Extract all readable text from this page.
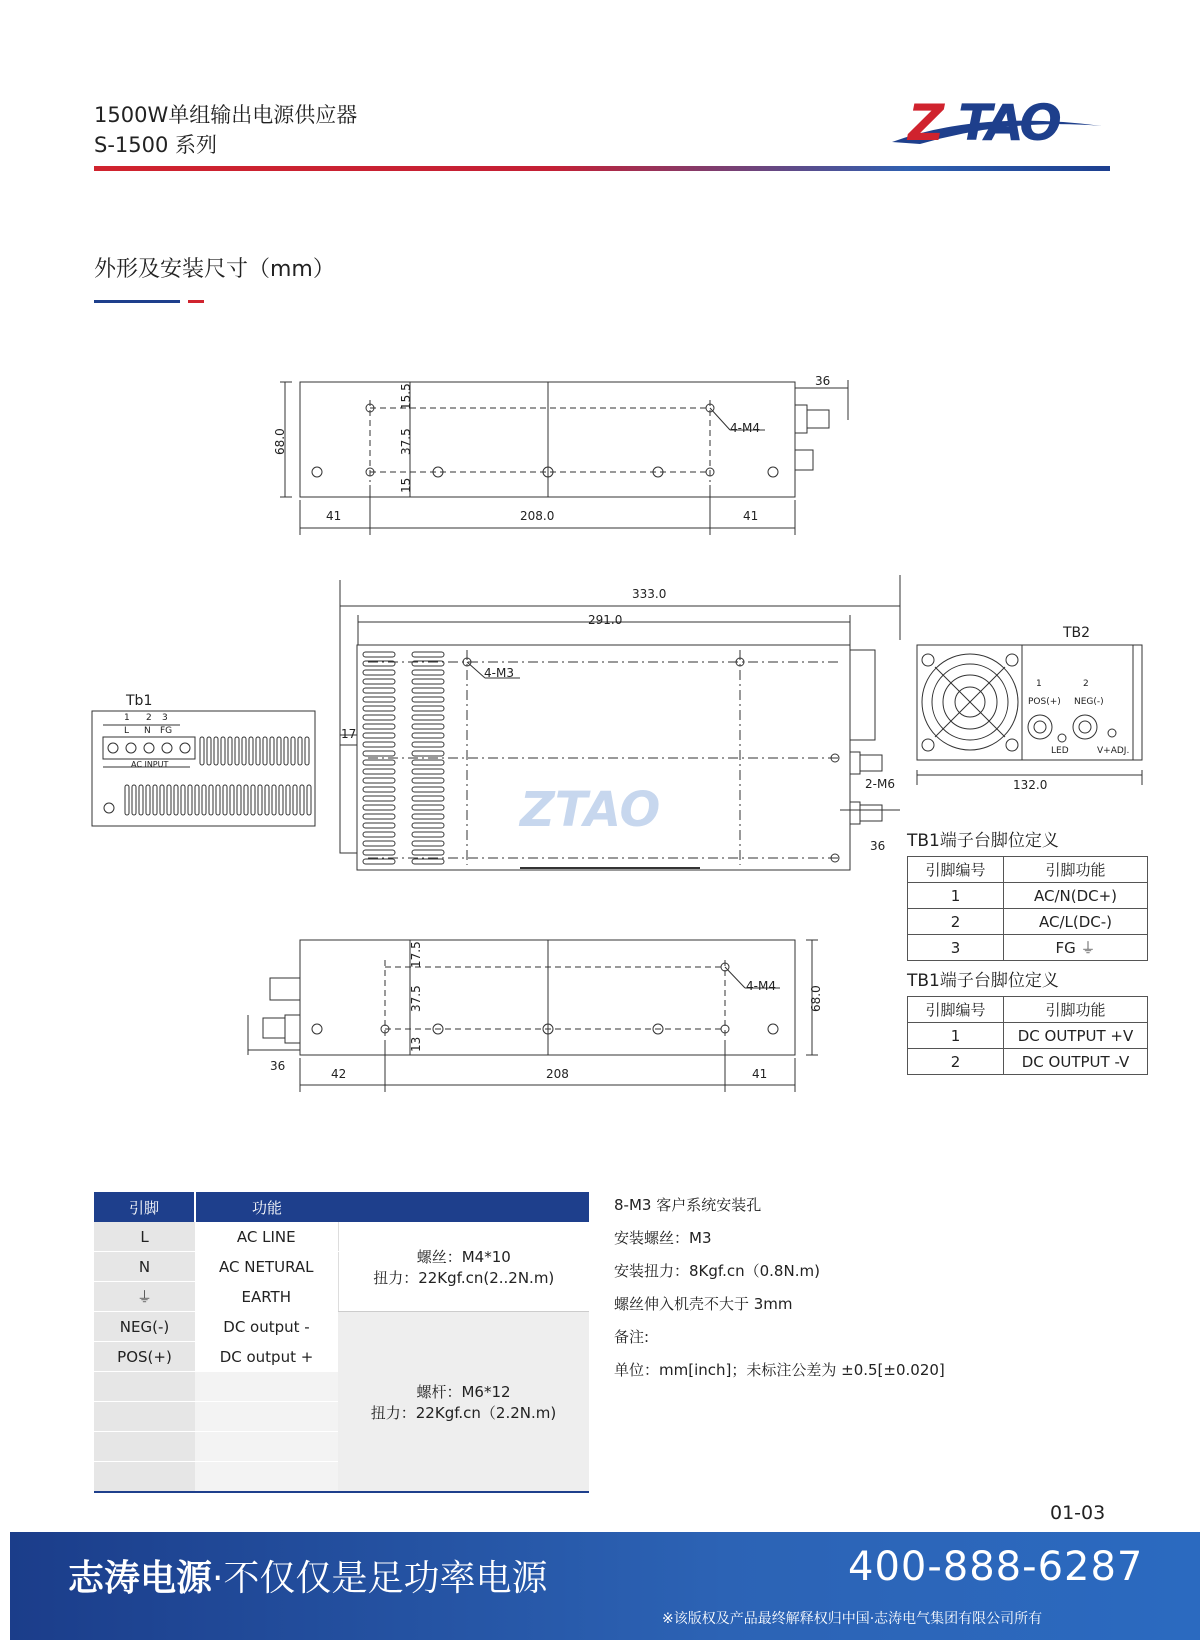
1500W单组输出电源供应器
S-1500 系列	Z TAO
外形及安装尺寸（mm）
ZTAO
68.0
15.5
37.5
15
41	208.0	41
36
4-M4
333.0
291.0
17
36
4-M3
2-M6
Tb1
1 2 3
L N FG
AC INPUT
TB2
1	2
POS(+) NEG(-)
LED	V+ADJ.
132.0
17.5
37.5
13
68.0
42	208	41
36
4-M4
TB1端子台脚位定义
引脚编号	引脚功能
1	AC/N(DC+)
2	AC/L(DC-)
3	FG ⏚
TB1端子台脚位定义
引脚编号	引脚功能
1	DC OUTPUT +V
2	DC OUTPUT -V
引脚	功能	
L	AC LINE	螺丝：M4*10
扭力：22Kgf.cn(2..2N.m)

N	AC NETURAL	
⏚	EARTH	
NEG(-)	DC output -	螺杆：M6*12
扭力：22Kgf.cn（2.2N.m)

POS(+)	DC output +	

8-M3 客户系统安装孔
安装螺丝：M3
安装扭力：8Kgf.cn（0.8N.m)
螺丝伸入机壳不大于 3mm
备注:
单位：mm[inch]；未标注公差为 ±0.5[±0.020]
01-03
志涛电源·不仅仅是足功率电源	400-888-6287
※该版权及产品最终解释权归中国·志涛电气集团有限公司所有
